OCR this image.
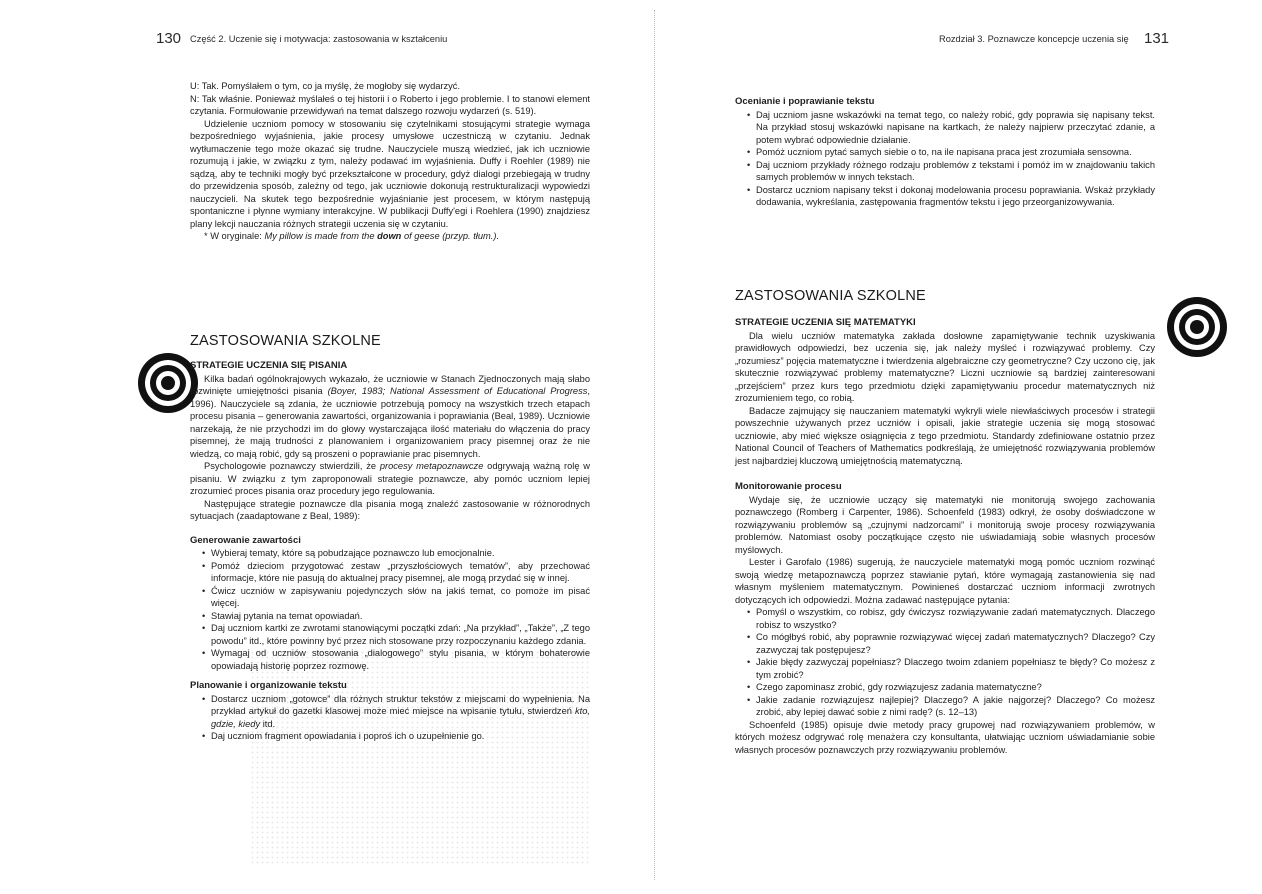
130 Część 2. Uczenie się i motywacja: zastosowania w kształceniu

U: Tak. Pomyślałem o tym, co ja myślę, że mogłoby się wydarzyć.

N: Tak właśnie. Ponieważ myślałeś o tej historii i o Roberto i jego problemie. I to stanowi element czytania. Formułowanie przewidywań na temat dalszego rozwoju wydarzeń (s. 519).

Udzielenie uczniom pomocy w stosowaniu się czytelnikami stosującymi strategie wymaga bezpośredniego wyjaśnienia, jakie procesy umysłowe uczestniczą w czytaniu. Jednak wytłumaczenie tego może okazać się trudne. Nauczyciele muszą wiedzieć, jak ich uczniowie rozumują i jakie, w związku z tym, należy podawać im wyjaśnienia. Duffy i Roehler (1989) nie sądzą, aby te techniki mogły być przekształcone w procedury, gdyż dialogi przebiegają w trudny do przewidzenia sposób, zależny od tego, jak uczniowie dokonują restrukturalizacji wypowiedzi nauczycieli. Na skutek tego bezpośrednie wyjaśnianie jest procesem, w którym następują spontaniczne i płynne wymiany interakcyjne. W publikacji Duffy'egi i Roehlera (1990) znajdziesz plany lekcji nauczania różnych strategii uczenia się w czytaniu.

* W oryginale: My pillow is made from the down of geese (przyp. tłum.).

ZASTOSOWANIA SZKOLNE
STRATEGIE UCZENIA SIĘ PISANIA

Kilka badań ogólnokrajowych wykazało, że uczniowie w Stanach Zjednoczonych mają słabo rozwinięte umiejętności pisania (Boyer, 1983; National Assessment of Educational Progress, 1996). Nauczyciele są zdania, że uczniowie potrzebują pomocy na wszystkich trzech etapach procesu pisania – generowania zawartości, organizowania i poprawiania (Beal, 1989). Uczniowie narzekają, że nie przychodzi im do głowy wystarczająca ilość materiału do włączenia do pracy pisemnej, że mają trudności z planowaniem i organizowaniem pracy pisemnej oraz że nie wiedzą, co mają robić, gdy są proszeni o poprawianie prac pisemnych.

Psychologowie poznawczy stwierdzili, że procesy metapoznawcze odgrywają ważną rolę w pisaniu. W związku z tym zaproponowali strategie poznawcze, aby pomóc uczniom lepiej zrozumieć proces pisania oraz procedury jego regulowania.

Następujące strategie poznawcze dla pisania mogą znaleźć zastosowanie w różnorodnych sytuacjach (zaadaptowane z Beal, 1989):

Generowanie zawartości
• Wybieraj tematy, które są pobudzające poznawczo lub emocjonalnie.
• Pomóż dzieciom przygotować zestaw „przyszłościowych tematów”, aby przechować informacje, które nie pasują do aktualnej pracy pisemnej, ale mogą przydać się w innej.
• Ćwicz uczniów w zapisywaniu pojedynczych słów na jakiś temat, co pomoże im pisać więcej.
• Stawiaj pytania na temat opowiadań.
• Daj uczniom kartki ze zwrotami stanowiącymi początki zdań: „Na przykład”, „Także”, „Z tego powodu” itd., które powinny być przez nich stosowane przy rozpoczynaniu każdego zdania.
• Wymagaj od uczniów stosowania „dialogowego” stylu pisania, w którym bohaterowie opowiadają historię poprzez rozmowę.
Planowanie i organizowanie tekstu
• Dostarcz uczniom „gotowce” dla różnych struktur tekstów z miejscami do wypełnienia. Na przykład artykuł do gazetki klasowej może mieć miejsce na wpisanie tytułu, stwierdzeń kto, gdzie, kiedy itd.
• Daj uczniom fragment opowiadania i poproś ich o uzupełnienie go.
Rozdział 3. Poznawcze koncepcje uczenia się 131
Ocenianie i poprawianie tekstu
• Daj uczniom jasne wskazówki na temat tego, co należy robić, gdy poprawia się napisany tekst. Na przykład stosuj wskazówki napisane na kartkach, że należy najpierw przeczytać zdanie, a potem wybrać odpowiednie działanie.
• Pomóż uczniom pytać samych siebie o to, na ile napisana praca jest zrozumiała sensowna.
• Daj uczniom przykłady różnego rodzaju problemów z tekstami i pomóż im w znajdowaniu takich samych problemów w innych tekstach.
• Dostarcz uczniom napisany tekst i dokonaj modelowania procesu poprawiania. Wskaż przykłady dodawania, wykreślania, zastępowania fragmentów tekstu i jego przeorganizowywania.
ZASTOSOWANIA SZKOLNE
STRATEGIE UCZENIA SIĘ MATEMATYKI

Dla wielu uczniów matematyka zakłada dosłowne zapamiętywanie technik uzyskiwania prawidłowych odpowiedzi, bez uczenia się, jak należy myśleć i rozwiązywać problemy. Czy „rozumiesz” pojęcia matematyczne i twierdzenia algebraiczne czy geometryczne? Czy uczono cię, jak skutecznie rozwiązywać problemy matematyczne? Liczni uczniowie są bardziej zainteresowani „przejściem” przez kurs tego przedmiotu dzięki zapamiętywaniu procedur matematycznych niż zrozumieniem tego, co robią.

Badacze zajmujący się nauczaniem matematyki wykryli wiele niewłaściwych procesów i strategii powszechnie używanych przez uczniów i opisali, jakie strategie uczenia się mogą stosować uczniowie, aby mieć większe osiągnięcia z tego przedmiotu. Standardy zdefiniowane ostatnio przez National Council of Teachers of Mathematics podkreślają, że umiejętność rozwiązywania problemów jest najbardziej kluczową umiejętnością matematyczną.

Monitorowanie procesu

Wydaje się, że uczniowie uczący się matematyki nie monitorują swojego zachowania poznawczego (Romberg i Carpenter, 1986). Schoenfeld (1983) odkrył, że osoby doświadczone w rozwiązywaniu problemów są „czujnymi nadzorcami” i monitorują swoje procesy rozwiązywania problemów. Natomiast osoby początkujące często nie uświadamiają sobie własnych procesów myślowych.

Lester i Garofalo (1986) sugerują, że nauczyciele matematyki mogą pomóc uczniom rozwinąć swoją wiedzę metapoznawczą poprzez stawianie pytań, które wymagają zastanowienia się nad własnym myśleniem matematycznym. Powinieneś dostarczać uczniom informacji zwrotnych dotyczących ich odpowiedzi. Można zadawać następujące pytania:

• Pomyśl o wszystkim, co robisz, gdy ćwiczysz rozwiązywanie zadań matematycznych. Dlaczego robisz to wszystko?
• Co mógłbyś robić, aby poprawnie rozwiązywać więcej zadań matematycznych? Dlaczego? Czy zazwyczaj tak postępujesz?
• Jakie błędy zazwyczaj popełniasz? Dlaczego twoim zdaniem popełniasz te błędy? Co możesz z tym zrobić?
• Czego zapominasz zrobić, gdy rozwiązujesz zadania matematyczne?
• Jakie zadanie rozwiązujesz najlepiej? Dlaczego? A jakie najgorzej? Dlaczego? Co możesz zrobić, aby lepiej dawać sobie z nimi radę? (s. 12–13)

Schoenfeld (1985) opisuje dwie metody pracy grupowej nad rozwiązywaniem problemów, w których możesz odgrywać rolę menażera czy konsultanta, ułatwiając uczniom uświadamianie sobie własnych procesów poznawczych przy rozwiązywaniu problemów.
